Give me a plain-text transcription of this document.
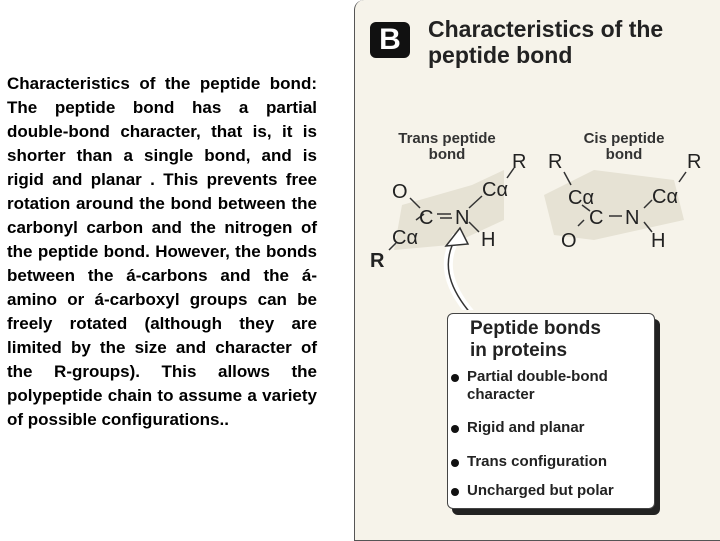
Characteristics of the peptide bond: The peptide bond has a partial double-bond character, that is, it is shorter than a single bond, and is rigid and planar . This prevents free rotation around the bond between the carbonyl carbon and the nitrogen of the peptide bond. However, the bonds between the á-carbons and the á-amino or á-carboxyl groups can be freely rotated (although they are limited by the size and character of the R-groups). This allows the polypeptide chain to assume a variety of possible configurations..
B	Characteristics of the peptide bond
Trans peptide
bond
Cis peptide
bond
O
C N
Cα
Cα	H
R
R
R
Cα
C N
O
Cα
H
R
Peptide bonds
in proteins
Partial double-bond
character
Rigid and planar
Trans configuration
Uncharged but polar
